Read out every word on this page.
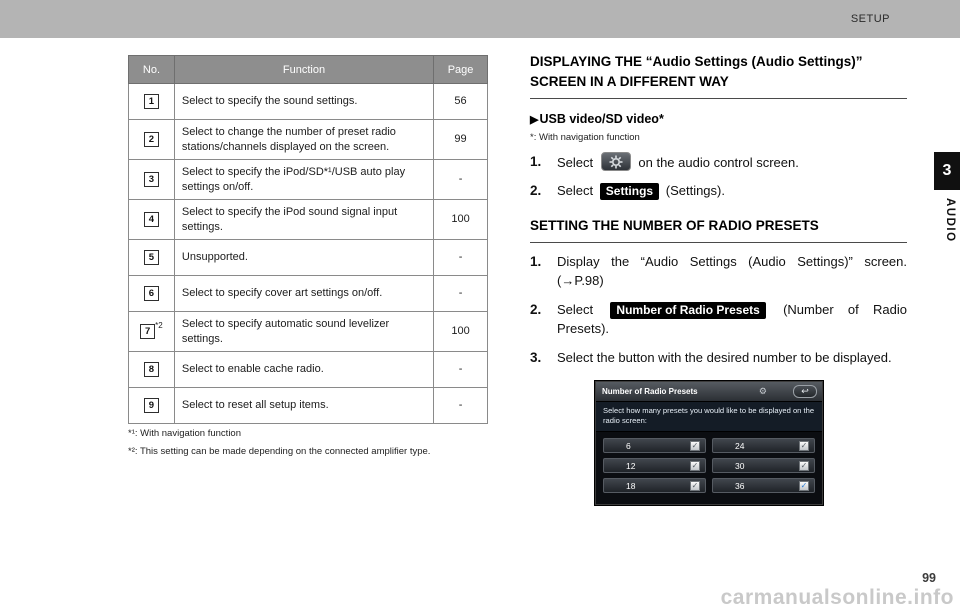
SETUP
3
AUDIO
No.	Function	Page
1	Select to specify the sound settings.	56
2	Select to change the number of preset radio stations/channels displayed on the screen.	99
3	Select to specify the iPod/SD*¹/USB auto play settings on/off.	-
4	Select to specify the iPod sound signal input settings.	100
5	Unsupported.	-
6	Select to specify cover art settings on/off.	-
7$^{*2}$	Select to specify automatic sound levelizer settings.	100
8	Select to enable cache radio.	-
9	Select to reset all setup items.	-

*¹: With navigation function

*²: This setting can be made depending on the connected amplifier type.

DISPLAYING THE “Audio Settings (Audio Settings)” SCREEN IN A DIFFERENT WAY
▶USB video/SD video*
*: With navigation function
1.	Select	on the audio control screen.
2.	Select Settings (Settings).
SETTING THE NUMBER OF RADIO PRESETS
1.	Display the “Audio Settings (Audio Settings)” screen. (→P.98)
2.	Select Number of Radio Presets (Number of Radio Presets).
3.	Select the button with the desired number to be displayed.
Number of Radio Presets	⚙	↩
Select how many presets you would like to be displayed on the radio screen:
6	✓
12	✓
18	✓
24	✓
30	✓
36	✓
99
carmanualsonline.info
